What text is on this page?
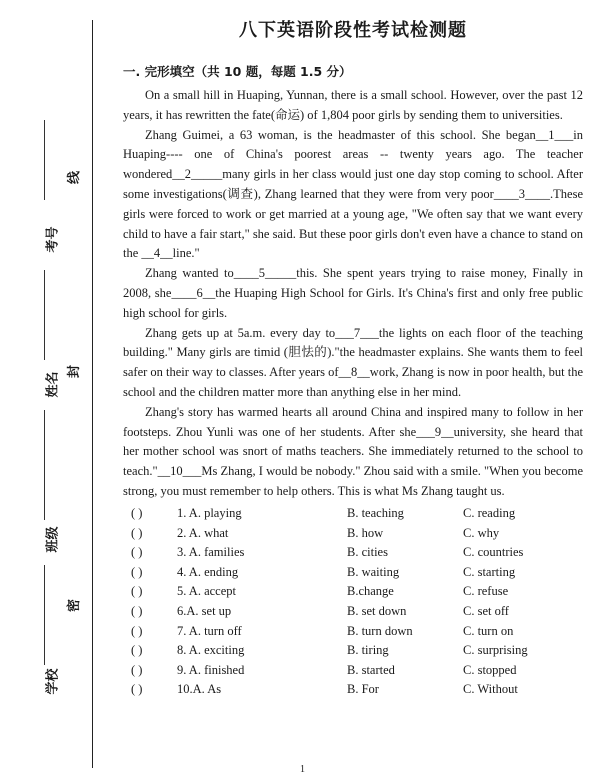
考号
姓名
班级
学校
线
封
密
八下英语阶段性考试检测题
一. 完形填空（共 10 题，每题 1.5 分）

On a small hill in Huaping, Yunnan, there is a small school. However, over the past 12 years, it has rewritten the fate(命运) of 1,804 poor girls by sending them to universities.

Zhang Guimei, a 63 woman, is the headmaster of this school. She began__1___in Huaping---- one of China's poorest areas -- twenty years ago. The teacher wondered__2_____many girls in her class would just one day stop coming to school. After some investigations(调查), Zhang learned that they were from very poor____3____.These girls were forced to work or get married at a young age, "We often say that we want every child to have a fair start," she said. But these poor girls don't even have a chance to stand on the __4__line."

Zhang wanted to____5_____this. She spent years trying to raise money, Finally in 2008, she____6__the Huaping High School for Girls. It's China's first and only free public high school for girls.

Zhang gets up at 5a.m. every day to___7___the lights on each floor of the teaching building." Many girls are timid (胆怯的)."the headmaster explains. She wants them to feel safer on their way to classes. After years of__8__work, Zhang is now in poor health, but the school and the children matter more than anything else in her mind.

Zhang's story has warmed hearts all around China and inspired many to follow in her footsteps. Zhou Yunli was one of her students. After she___9__university, she heard that her mother school was snort of maths teachers. She immediately returned to the school to teach."__10___Ms Zhang, I would be nobody." Zhou said with a smile. "When you become strong, you must remember to help others. This is what Ms Zhang taught us.

( )	1. A. playing	B. teaching	C. reading
( )	2. A. what	B. how	C. why
( )	3. A. families	B. cities	C. countries
( )	4. A. ending	B. waiting	C. starting
( )	5. A. accept	B.change	C. refuse
( )	6.A. set up	B. set down	C. set off
( )	7. A. turn off	B. turn down	C. turn on
( )	8. A. exciting	B. tiring	C. surprising
( )	9. A. finished	B. started	C. stopped
( )	10.A. As	B. For	C. Without
1
